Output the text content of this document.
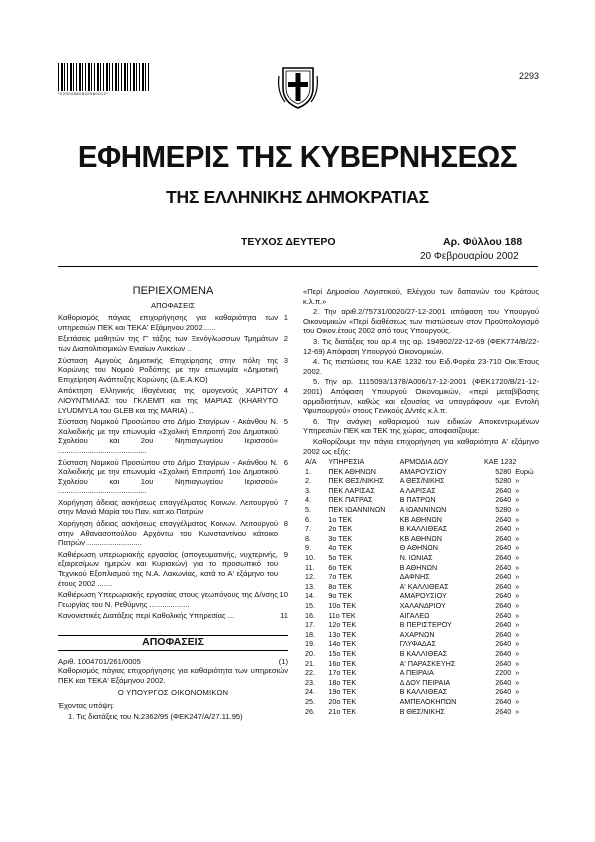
*02000880502980012*
2293
ΕΦΗΜΕΡΙΣ ΤΗΣ ΚΥΒΕΡΝΗΣΕΩΣ
ΤΗΣ ΕΛΛΗΝΙΚΗΣ ΔΗΜΟΚΡΑΤΙΑΣ
ΤΕΥΧΟΣ ΔΕΥΤΕΡΟ	Αρ. Φύλλου 188
20 Φεβρουαρίου 2002
ΠΕΡΙΕΧΟΜΕΝΑ
ΑΠΟΦΑΣΕΙΣ
Καθορισμός πάγιας επιχορήγησης για καθαριότητα των υπηρεσιών ΠΕΚ και ΤΕΚΑ' Εξάμηνου 2002......
1
Εξετάσεις μαθητών της Γ' τάξης των Ξενόγλωσσων Τμημάτων των Διαπολιτισμικών Ενιαίων Λυκείων ..
2
Σύσταση Αμιγούς Δημοτικής Επιχείρησης στην πόλη της Κορώνης του Νομού Ροδόπης με την επωνυμία «Δημοτική Επιχείρηση Ανάπτυξης Κορώνης (Δ.Ε.Α.ΚΟ)
3
Απόκτηση Ελληνικής Ιθαγένειας της ομογενούς ΧΑΡΙΤΟΥ ΛΙΟΥΝΤΜΙΛΑΣ του ΓΚΛΕΜΠ και της ΜΑΡΙΑΣ (KHARYTO LYUDMYLA του GLEB και της MARIA) ..
4
Σύσταση Νομικού Προσώπου στο Δήμο Σταγίρων - Ακάνθου Ν. Χαλκιδικής με την επωνυμία «Σχολική Επιτροπή 2ου Δημοτικού Σχολείου και 2ου Νηπιαγωγείου Ιερισσού» ..........................................
5
Σύσταση Νομικού Προσώπου στο Δήμο Σταγίρων - Ακάνθου Ν. Χαλκιδικής με την επωνυμία «Σχολική Επιτροπή 1ου Δημοτικού Σχολείου και 1ου Νηπιαγωγείου Ιερισσού» ..........................................
6
Χορήγηση άδειας ασκήσεως επαγγέλματος Κοινων. Λειτουργού στην Μανιά Μαρία του Παν. κατ.κο Πατρών
7
Χορήγηση άδειας ασκήσεως επαγγέλματος Κοινων. Λειτουργού στην Αθανασοπούλου Αρχόντω του Κωνσταντίνου κάτοικο Πατρών ..........................
8
Καθιέρωση υπερωριακής εργασίας (απογευματινής, νυχτερινής, εξαιρεσίμων ημερών και Κυριακών) για το προσωπικό του Τεχνικού Εξοπλισμού της Ν.Α. Λακωνίας, κατά το Α' εξάμηνο του έτους 2002 .......
9
Καθιέρωση Υπερωριακής εργασίας στους γεωπόνους της Δ/νσης Γεωργίας του Ν. Ρεθύμνης ...................
10
Κανονιστικές Διατάξεις περί Καθολικής Υπηρεσίας ...	11
ΑΠΟΦΑΣΕΙΣ
Αριθ. 1004701/261/0005	(1)
Καθορισμός πάγιας επιχορήγησης για καθαριότητα των υπηρεσιών ΠΕΚ και ΤΕΚΑ' Εξάμηνου 2002.
Ο ΥΠΟΥΡΓΟΣ ΟΙΚΟΝΟΜΙΚΩΝ
Έχοντας υπόψη:
1. Τις διατάξεις του Ν.2362/95 (ΦΕΚ247/Α/27.11.95)
«Περί Δημοσίου Λογιστικού, Ελέγχου των δαπανών του Κράτους κ.λ.π.»
2. Την αριθ.2/75731/0020/27-12-2001 απόφαση του Υπουργού Οικονομικών «Περί διαθέσεως των πιστώσεων στον Προϋπολογισμό του Οικον.έτους 2002 από τους Υπουργούς.
3. Τις διατάξεις του αρ.4 της αρ. 194902/22-12-69 (ΦΕΚ774/Β/22-12-69) Απόφαση Υπουργού Οικονομικών.
4. Τις πιστώσεις του ΚΑΕ 1232 του Ειδ.Φορέα 23-710 Οικ.Έτους 2002.
5. Την αρ. 1115093/1378/Α006/17-12-2001 (ΦΕΚ1720/Β/21-12-2001) Απόφαση Υπουργού Οικονομικών, «περί μεταβίβασης αρμοδιοτήτων, καθώς και εξουσίας να υπογράφουν «με Εντολή Υφυπουργού» στους Γενικούς Δ/ντές κ.λ.π.
6. Την ανάγκη καθαρισμού των ειδικών Αποκεντρωμένων Υπηρεσιών ΠΕΚ και ΤΕΚ της χώρας, αποφασίζουμε:
Καθορίζουμε την πάγια επιχορήγηση για καθαριότητα Α' εξάμηνο 2002 ως εξής:
Α/Α	ΥΠΗΡΕΣΙΑ	ΑΡΜΟΔΙΑ ΔΟΥ	ΚΑΕ 1232	
1.	ΠΕΚ ΑΘΗΝΩΝ	ΑΜΑΡΟΥΣΙΟΥ	5280	Ευρώ
2.	ΠΕΚ ΘΕΣ/ΝΙΚΗΣ	Α ΘΕΣ/ΝΙΚΗΣ	5280	»
3.	ΠΕΚ ΛΑΡΙΣΑΣ	Α ΛΑΡΙΣΑΣ	2640	»
4.	ΠΕΚ ΠΑΤΡΑΣ	Β ΠΑΤΡΩΝ	2640	»
5.	ΠΕΚ ΙΩΑΝΝΙΝΩΝ	Α ΙΩΑΝΝΙΝΩΝ	5280	»
6.	1ο ΤΕΚ	ΚΒ ΑΘΗΝΩΝ	2640	»
7.	2ο ΤΕΚ	Β ΚΑΛΛΙΘΕΑΣ	2640	»
8.	3ο ΤΕΚ	ΚΒ ΑΘΗΝΩΝ	2640	»
9.	4ο ΤΕΚ	Θ ΑΘΗΝΩΝ	2640	»
10.	5ο ΤΕΚ	Ν. ΙΩΝΙΑΣ	2640	»
11.	6ο ΤΕΚ	Β ΑΘΗΝΩΝ	2640	»
12.	7ο ΤΕΚ	ΔΑΦΝΗΣ	2640	»
13.	8ο ΤΕΚ	Α' ΚΑΛΛΙΘΕΑΣ	2640	»
14.	9ο ΤΕΚ	ΑΜΑΡΟΥΣΙΟΥ	2640	»
15.	10ο ΤΕΚ	ΧΑΛΑΝΔΡΙΟΥ	2640	»
16.	11ο ΤΕΚ	ΑΙΓΑΛΕΩ	2640	»
17.	12ο ΤΕΚ	Β ΠΕΡΙΣΤΕΡΟΥ	2640	»
18.	13ο ΤΕΚ	ΑΧΑΡΝΩΝ	2640	»
19.	14ο ΤΕΚ	ΓΛΥΦΑΔΑΣ	2640	»
20.	15ο ΤΕΚ	Β ΚΑΛΛΙΘΕΑΣ	2640	»
21.	16ο ΤΕΚ	Α' ΠΑΡΑΣΚΕΥΗΣ	2640	»
22.	17ο ΤΕΚ	Α ΠΕΙΡΑΙΑ	2200	»
23.	18ο ΤΕΚ	Δ ΔΟΥ ΠΕΙΡΑΙΑ	2640	»
24.	19ο ΤΕΚ	Β ΚΑΛΛΙΘΕΑΣ	2640	»
25.	20ο ΤΕΚ	ΑΜΠΕΛΟΚΗΠΩΝ	2640	»
26.	21ο ΤΕΚ	Β ΘΕΣ/ΝΙΚΗΣ	2640	»
